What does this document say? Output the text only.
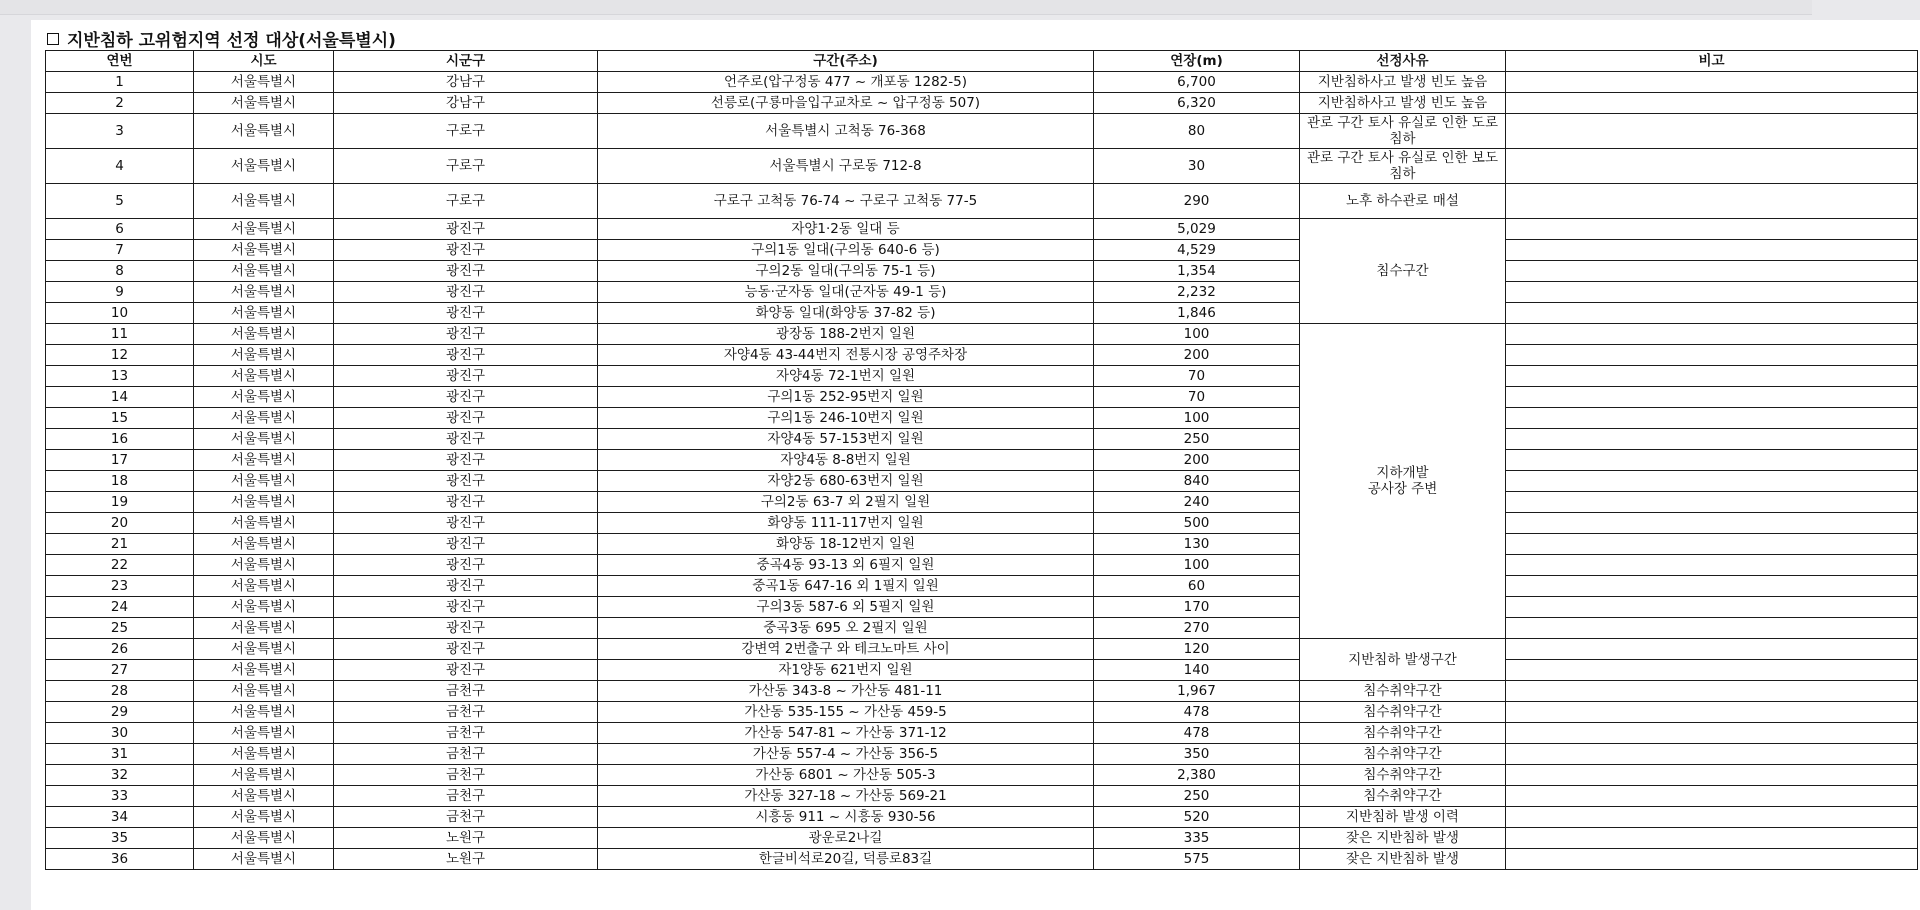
지반침하 고위험지역 선정 대상(서울특별시)
연번	시도	시군구	구간(주소)	연장(m)	선정사유	비고
1	서울특별시	강남구	언주로(압구정동 477 ~ 개포동 1282-5)	6,700	지반침하사고 발생 빈도 높음	
2	서울특별시	강남구	선릉로(구룡마을입구교차로 ~ 압구정동 507)	6,320	지반침하사고 발생 빈도 높음	
3	서울특별시	구로구	서울특별시 고척동 76-368	80	관로 구간 토사 유실로 인한 도로 침하	
4	서울특별시	구로구	서울특별시 구로동 712-8	30	관로 구간 토사 유실로 인한 보도 침하	
5	서울특별시	구로구	구로구 고척동 76-74 ~ 구로구 고척동 77-5	290	노후 하수관로 매설	
6	서울특별시	광진구	자양1·2동 일대 등	5,029	침수구간	
7	서울특별시	광진구	구의1동 일대(구의동 640-6 등)	4,529		
8	서울특별시	광진구	구의2동 일대(구의동 75-1 등)	1,354		
9	서울특별시	광진구	능동·군자동 일대(군자동 49-1 등)	2,232		
10	서울특별시	광진구	화양동 일대(화양동 37-82 등)	1,846		
11	서울특별시	광진구	광장동 188-2번지 일원	100	지하개발
공사장 주변	
12	서울특별시	광진구	자양4동 43-44번지 전통시장 공영주차장	200		
13	서울특별시	광진구	자양4동 72-1번지 일원	70		
14	서울특별시	광진구	구의1동 252-95번지 일원	70		
15	서울특별시	광진구	구의1동 246-10번지 일원	100		
16	서울특별시	광진구	자양4동 57-153번지 일원	250		
17	서울특별시	광진구	자양4동 8-8번지 일원	200		
18	서울특별시	광진구	자양2동 680-63번지 일원	840		
19	서울특별시	광진구	구의2동 63-7 외 2필지 일원	240		
20	서울특별시	광진구	화양동 111-117번지 일원	500		
21	서울특별시	광진구	화양동 18-12번지 일원	130		
22	서울특별시	광진구	중곡4동 93-13 외 6필지 일원	100		
23	서울특별시	광진구	중곡1동 647-16 외 1필지 일원	60		
24	서울특별시	광진구	구의3동 587-6 외 5필지 일원	170		
25	서울특별시	광진구	중곡3동 695 오 2필지 일원	270		
26	서울특별시	광진구	강변역 2번출구 와 테크노마트 사이	120	지반침하 발생구간	
27	서울특별시	광진구	자1양동 621번지 일원	140		
28	서울특별시	금천구	가산동 343-8 ~ 가산동 481-11	1,967	침수취약구간	
29	서울특별시	금천구	가산동 535-155 ~ 가산동 459-5	478	침수취약구간	
30	서울특별시	금천구	가산동 547-81 ~ 가산동 371-12	478	침수취약구간	
31	서울특별시	금천구	가산동 557-4 ~ 가산동 356-5	350	침수취약구간	
32	서울특별시	금천구	가산동 6801 ~ 가산동 505-3	2,380	침수취약구간	
33	서울특별시	금천구	가산동 327-18 ~ 가산동 569-21	250	침수취약구간	
34	서울특별시	금천구	시흥동 911 ~ 시흥동 930-56	520	지반침하 발생 이력	
35	서울특별시	노원구	광운로2나길	335	잦은 지반침하 발생	
36	서울특별시	노원구	한글비석로20길, 덕릉로83길	575	잦은 지반침하 발생	
